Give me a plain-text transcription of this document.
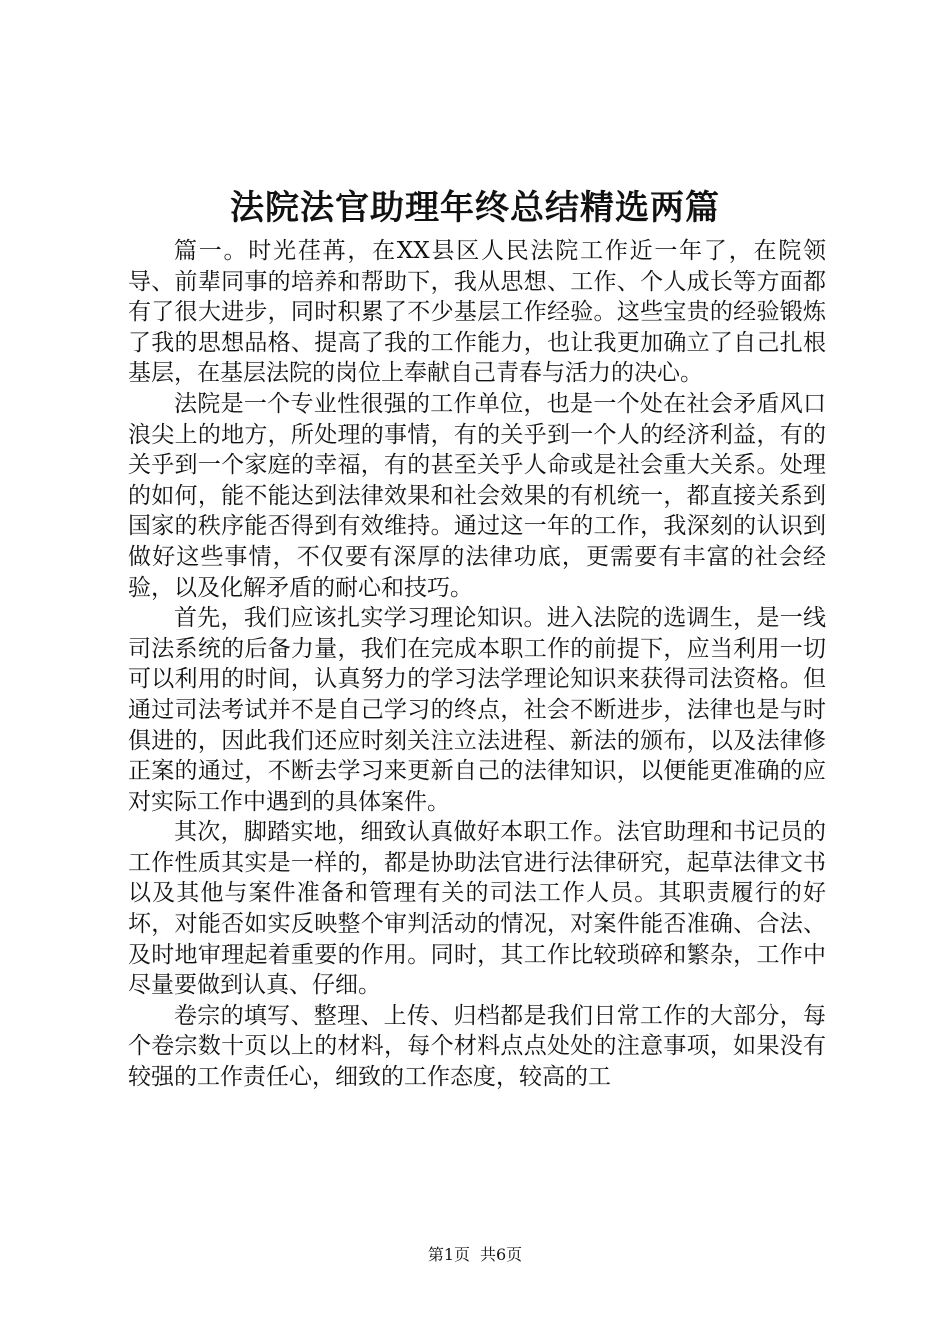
法院法官助理年终总结精选两篇

篇一。时光荏苒，在XX县区人民法院工作近一年了，在院领导、前辈同事的培养和帮助下，我从思想、工作、个人成长等方面都有了很大进步，同时积累了不少基层工作经验。这些宝贵的经验锻炼了我的思想品格、提高了我的工作能力，也让我更加确立了自己扎根基层，在基层法院的岗位上奉献自己青春与活力的决心。

法院是一个专业性很强的工作单位，也是一个处在社会矛盾风口浪尖上的地方，所处理的事情，有的关乎到一个人的经济利益，有的关乎到一个家庭的幸福，有的甚至关乎人命或是社会重大关系。处理的如何，能不能达到法律效果和社会效果的有机统一，都直接关系到国家的秩序能否得到有效维持。通过这一年的工作，我深刻的认识到做好这些事情，不仅要有深厚的法律功底，更需要有丰富的社会经验，以及化解矛盾的耐心和技巧。

首先，我们应该扎实学习理论知识。进入法院的选调生，是一线司法系统的后备力量，我们在完成本职工作的前提下，应当利用一切可以利用的时间，认真努力的学习法学理论知识来获得司法资格。但通过司法考试并不是自己学习的终点，社会不断进步，法律也是与时俱进的，因此我们还应时刻关注立法进程、新法的颁布，以及法律修正案的通过，不断去学习来更新自己的法律知识，以便能更准确的应对实际工作中遇到的具体案件。

其次，脚踏实地，细致认真做好本职工作。法官助理和书记员的工作性质其实是一样的，都是协助法官进行法律研究，起草法律文书以及其他与案件准备和管理有关的司法工作人员。其职责履行的好坏，对能否如实反映整个审判活动的情况，对案件能否准确、合法、及时地审理起着重要的作用。同时，其工作比较琐碎和繁杂，工作中尽量要做到认真、仔细。

卷宗的填写、整理、上传、归档都是我们日常工作的大部分，每个卷宗数十页以上的材料，每个材料点点处处的注意事项，如果没有较强的工作责任心，细致的工作态度，较高的工

第1页 共6页
